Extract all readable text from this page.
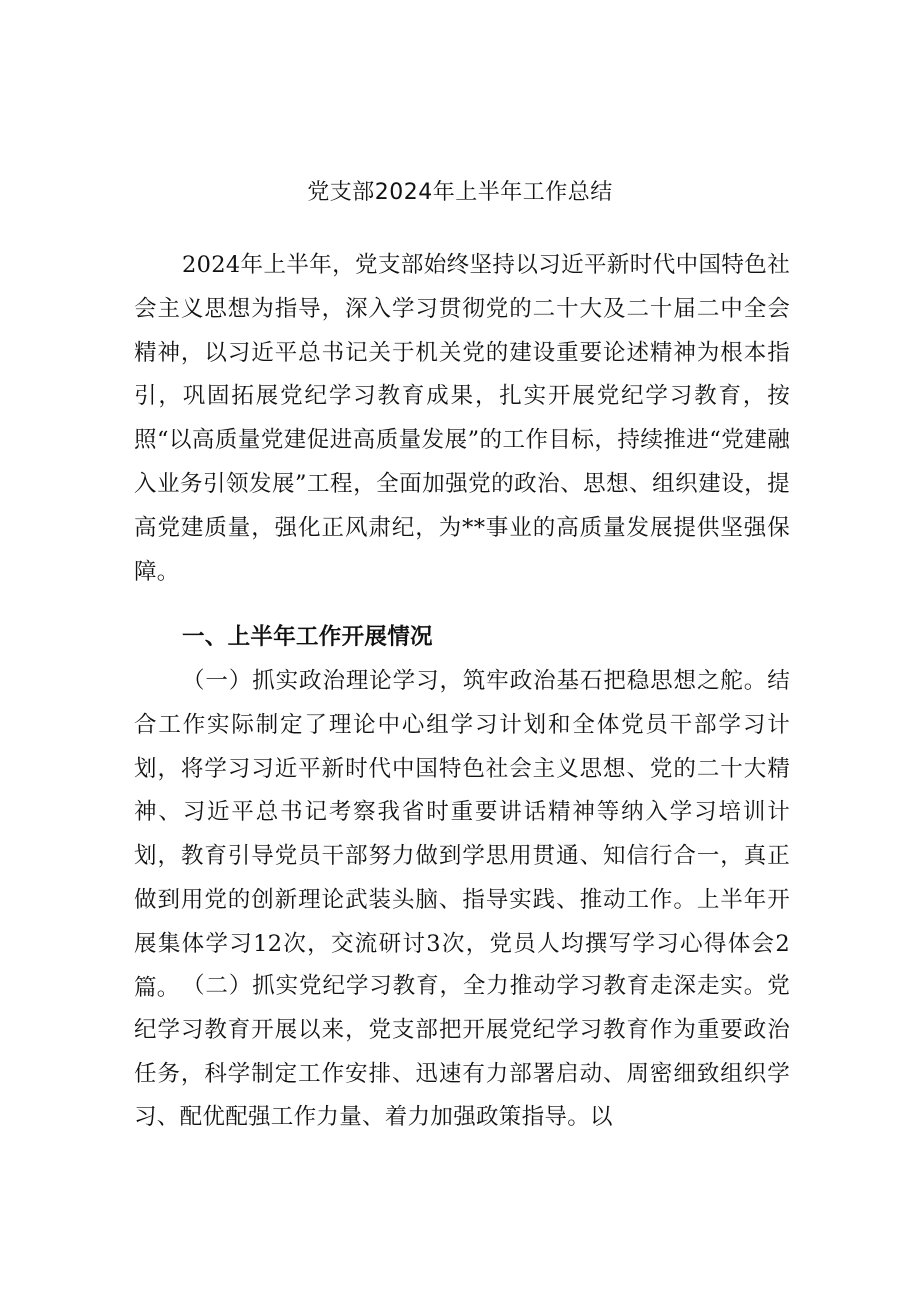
党支部2024年上半年工作总结

2024年上半年，党支部始终坚持以习近平新时代中国特色社会主义思想为指导，深入学习贯彻党的二十大及二十届二中全会精神，以习近平总书记关于机关党的建设重要论述精神为根本指引，巩固拓展党纪学习教育成果，扎实开展党纪学习教育，按照“以高质量党建促进高质量发展”的工作目标，持续推进“党建融入业务引领发展”工程，全面加强党的政治、思想、组织建设，提高党建质量，强化正风肃纪，为**事业的高质量发展提供坚强保障。

一、上半年工作开展情况

（一）抓实政治理论学习，筑牢政治基石把稳思想之舵。结合工作实际制定了理论中心组学习计划和全体党员干部学习计划，将学习习近平新时代中国特色社会主义思想、党的二十大精神、习近平总书记考察我省时重要讲话精神等纳入学习培训计划，教育引导党员干部努力做到学思用贯通、知信行合一，真正做到用党的创新理论武装头脑、指导实践、推动工作。上半年开展集体学习12次，交流研讨3次，党员人均撰写学习心得体会2篇。 （二）抓实党纪学习教育，全力推动学习教育走深走实。党纪学习教育开展以来，党支部把开展党纪学习教育作为重要政治任务，科学制定工作安排、迅速有力部署启动、周密细致组织学习、配优配强工作力量、着力加强政策指导。以
